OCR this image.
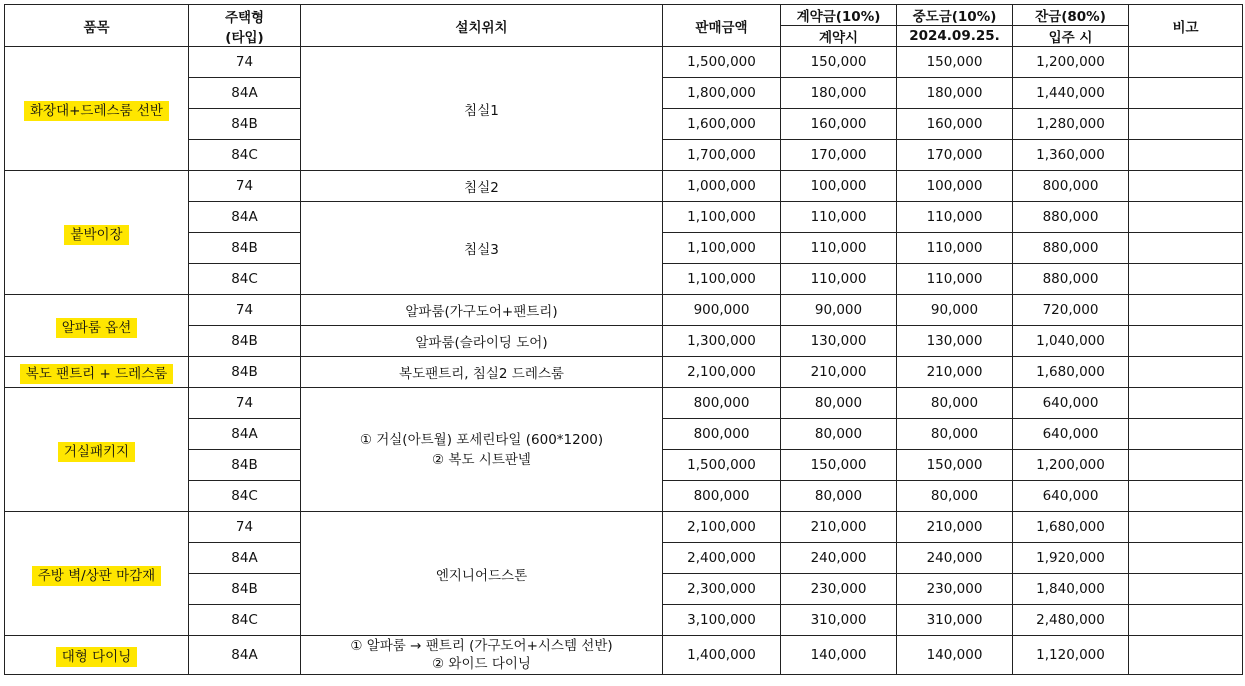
품목	주택형
(타입)	설치위치	판매금액	계약금(10%)	중도금(10%)	잔금(80%)	비고
				계약시	2024.09.25.	입주 시	
화장대+드레스룸 선반	74	침실1	1,500,000	150,000	150,000	1,200,000	
	84A		1,800,000	180,000	180,000	1,440,000	
	84B		1,600,000	160,000	160,000	1,280,000	
	84C		1,700,000	170,000	170,000	1,360,000	
붙박이장	74	침실2	1,000,000	100,000	100,000	800,000	
	84A	침실3	1,100,000	110,000	110,000	880,000	
	84B		1,100,000	110,000	110,000	880,000	
	84C		1,100,000	110,000	110,000	880,000	
알파룸 옵션	74	알파룸(가구도어+팬트리)	900,000	90,000	90,000	720,000	
	84B	알파룸(슬라이딩 도어)	1,300,000	130,000	130,000	1,040,000	
복도 팬트리 + 드레스룸	84B	복도팬트리, 침실2 드레스룸	2,100,000	210,000	210,000	1,680,000	
거실패키지	74	① 거실(아트월) 포세린타일 (600*1200)
② 복도 시트판넬	800,000	80,000	80,000	640,000	
	84A		800,000	80,000	80,000	640,000	
	84B		1,500,000	150,000	150,000	1,200,000	
	84C		800,000	80,000	80,000	640,000	
주방 벽/상판 마감재	74	엔지니어드스톤	2,100,000	210,000	210,000	1,680,000	
	84A		2,400,000	240,000	240,000	1,920,000	
	84B		2,300,000	230,000	230,000	1,840,000	
	84C		3,100,000	310,000	310,000	2,480,000	
대형 다이닝	84A	① 알파룸 → 팬트리 (가구도어+시스템 선반)
② 와이드 다이닝	1,400,000	140,000	140,000	1,120,000	
